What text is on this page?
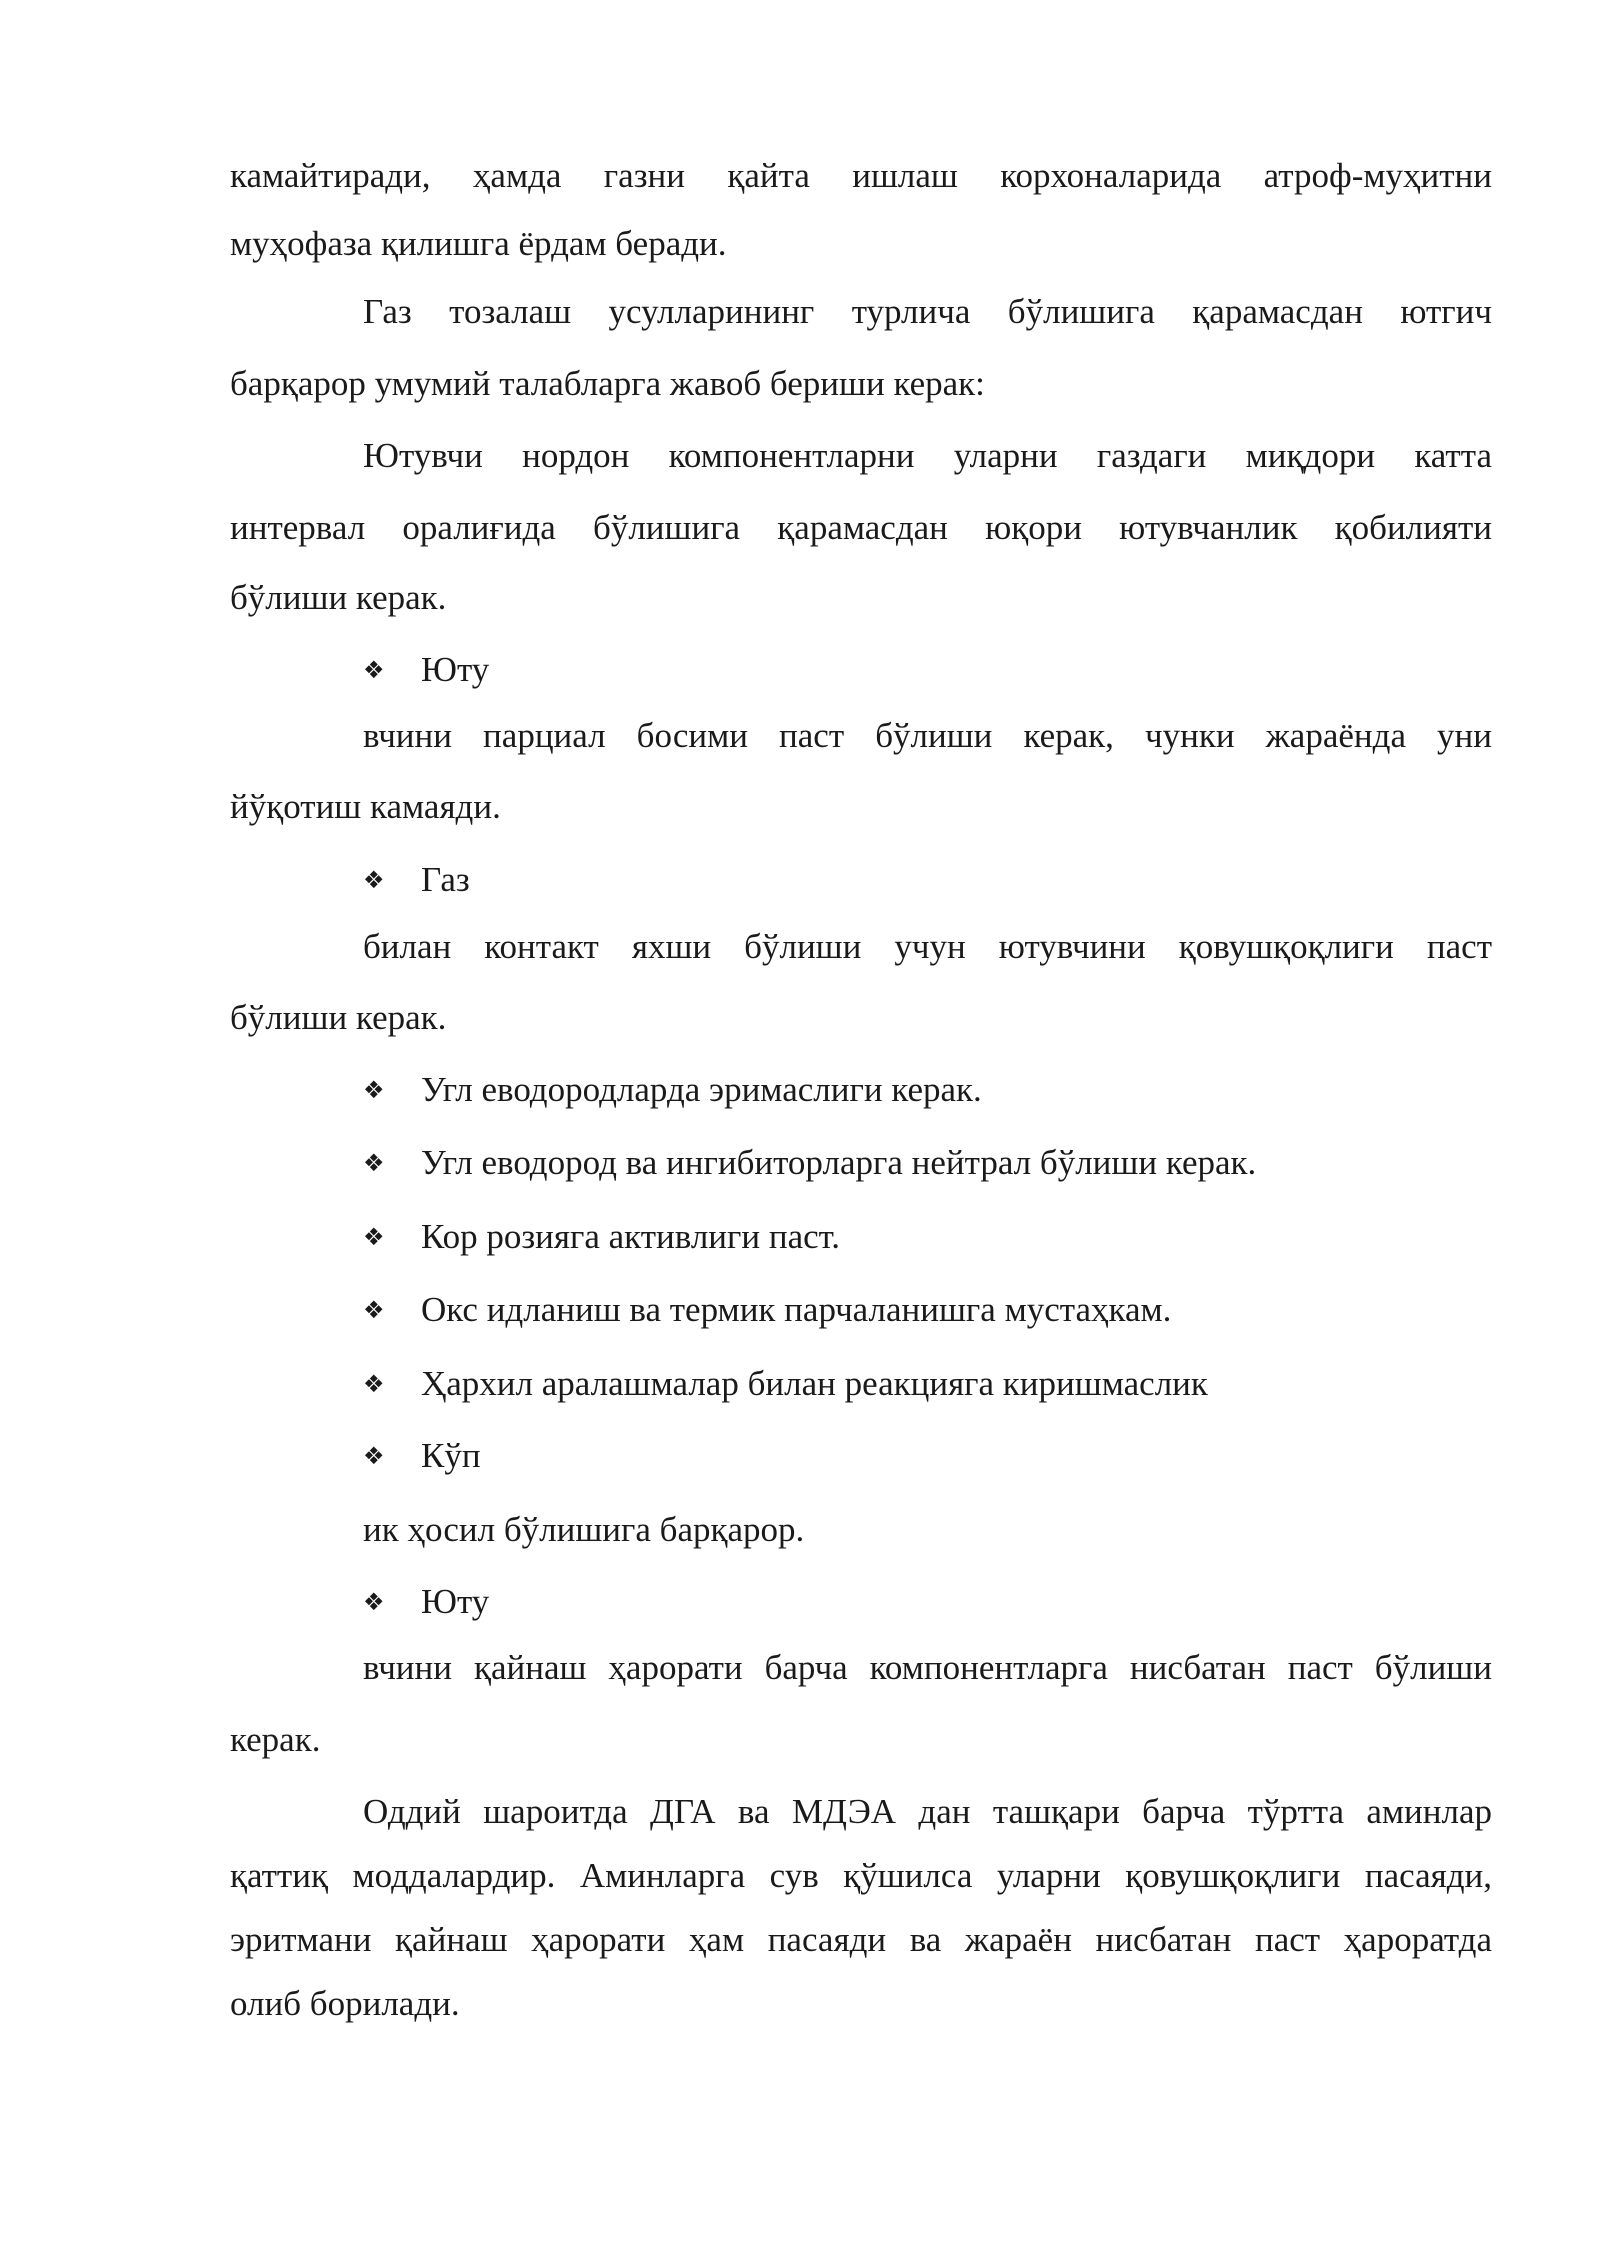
камайтиради, ҳамда газни қайта ишлаш корхоналарида атроф-муҳитни
муҳофаза қилишга ёрдам беради.
Газ тозалаш усулларининг турлича бўлишига қарамасдан ютгич
барқарор умумий талабларга жавоб бериши керак:
Ютувчи нордон компонентларни уларни газдаги миқдори катта
интервал оралиғида бўлишига қарамасдан юқори ютувчанлик қобилияти
бўлиши керак.
❖ Юту
вчини парциал босими паст бўлиши керак, чунки жараёнда уни
йўқотиш камаяди.
❖ Газ
билан контакт яхши бўлиши учун ютувчини қовушқоқлиги паст
бўлиши керак.
❖ Угл еводородларда эримаслиги керак.
❖ Угл еводород ва ингибиторларга нейтрал бўлиши керак.
❖ Кор розияга активлиги паст.
❖ Окс идланиш ва термик парчаланишга мустаҳкам.
❖ Ҳархил аралашмалар билан реакцияга киришмаслик
❖ Кўп
ик ҳосил бўлишига барқарор.
❖ Юту
вчини қайнаш ҳарорати барча компонентларга нисбатан паст бўлиши
керак.
Оддий шароитда ДГА ва МДЭА дан ташқари барча тўртта аминлар
қаттиқ моддалардир. Аминларга сув қўшилса уларни қовушқоқлиги пасаяди,
эритмани қайнаш ҳарорати ҳам пасаяди ва жараён нисбатан паст ҳароратда
олиб борилади.
